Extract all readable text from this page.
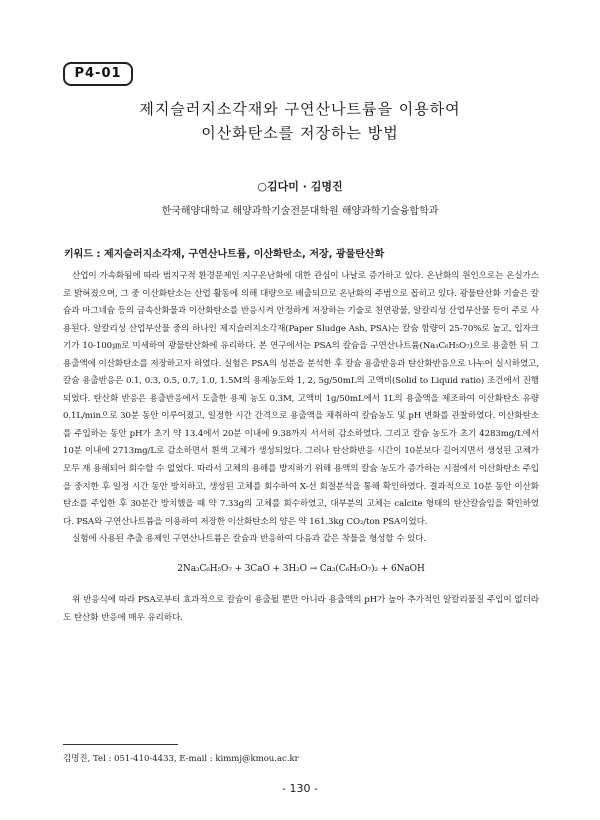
P4-01
제지슬러지소각재와 구연산나트륨을 이용하여
이산화탄소를 저장하는 방법
○김다미 · 김명진
한국해양대학교 해양과학기술전문대학원 해양과학기술융합학과
키워드 : 제지슬러지소각재, 구연산나트륨, 이산화탄소, 저장, 광물탄산화

산업이 가속화됨에 따라 범지구적 환경문제인 지구온난화에 대한 관심이 나날로 증가하고 있다. 온난화의 원인으로는 온실가스로 밝혀졌으며, 그 중 이산화탄소는 산업 활동에 의해 대량으로 배출되므로 온난화의 주범으로 꼽히고 있다. 광물탄산화 기술은 칼슘과 마그네슘 등의 금속산화물과 이산화탄소를 반응시켜 안정하게 저장하는 기술로 천연광물, 알칼리성 산업부산물 등이 주로 사용된다. 알칼리성 산업부산물 중의 하나인 제지슬러지소각재(Paper Sludge Ash, PSA)는 칼슘 함량이 25-70%로 높고, 입자크기가 10-100㎛로 미세하여 광물탄산화에 유리하다. 본 연구에서는 PSA의 칼슘을 구연산나트륨(Na₃C₆H₅O₇)으로 용출한 뒤 그 용출액에 이산화탄소를 저장하고자 하였다. 실험은 PSA의 성분을 분석한 후 칼슘 용출반응과 탄산화반응으로 나누어 실시하였고, 칼슘 용출반응은 0.1, 0.3, 0.5, 0.7, 1.0, 1.5M의 용제농도와 1, 2, 5g/50mL의 고액비(Solid to Liquid ratio) 조건에서 진행되었다. 탄산화 반응은 용출반응에서 도출한 용제 농도 0.3M, 고액비 1g/50mL에서 1L의 용출액을 제조하여 이산화탄소 유량 0.1L/min으로 30분 동안 이루어졌고, 일정한 시간 간격으로 용출액을 채취하여 칼슘농도 및 pH 변화를 관찰하였다. 이산화탄소를 주입하는 동안 pH가 초기 약 13.4에서 20분 이내에 9.38까지 서서히 감소하였다. 그리고 칼슘 농도가 초기 4283mg/L에서 10분 이내에 2713mg/L로 감소하면서 흰색 고체가 생성되었다. 그러나 탄산화반응 시간이 10분보다 길어지면서 생성된 고체가 모두 재 용해되어 회수할 수 없었다. 따라서 고체의 용해를 방지하기 위해 용액의 칼슘 농도가 증가하는 시점에서 이산화탄소 주입을 중지한 후 일정 시간 동안 방치하고, 생성된 고체를 회수하여 X-선 회절분석을 통해 확인하였다. 결과적으로 10분 동안 이산화탄소를 주입한 후 30분간 방치했을 때 약 7.33g의 고체를 회수하였고, 대부분의 고체는 calcite 형태의 탄산칼슘임을 확인하였다. PSA와 구연산나트륨을 이용하여 저장한 이산화탄소의 양은 약 161.3kg CO₂/ton PSA이었다.

실험에 사용된 추출 용제인 구연산나트륨은 칼슘과 반응하여 다음과 같은 착물을 형성할 수 있다.

2Na₃C₆H₅O₇ + 3CaO + 3H₂O → Ca₃(C₆H₅O₇)₂ + 6NaOH

위 반응식에 따라 PSA로부터 효과적으로 칼슘이 용출될 뿐만 아니라 용출액의 pH가 높아 추가적인 알칼리물질 주입이 없더라도 탄산화 반응에 매우 유리하다.

김명진, Tel : 051-410-4433, E-mail : kimmj@kmou.ac.kr
- 130 -
